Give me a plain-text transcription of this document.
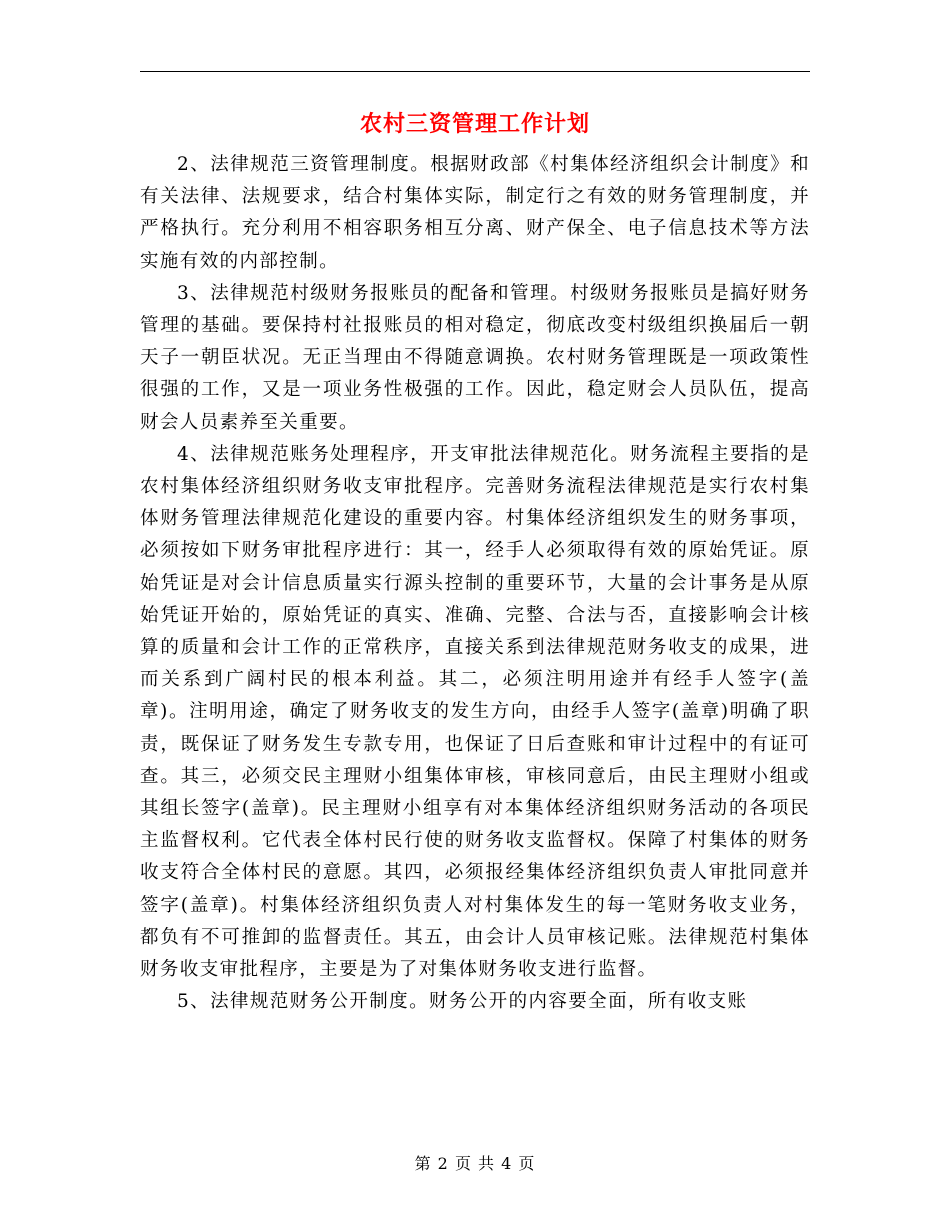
农村三资管理工作计划

2、法律规范三资管理制度。根据财政部《村集体经济组织会计制度》和有关法律、法规要求，结合村集体实际，制定行之有效的财务管理制度，并严格执行。充分利用不相容职务相互分离、财产保全、电子信息技术等方法实施有效的内部控制。

3、法律规范村级财务报账员的配备和管理。村级财务报账员是搞好财务管理的基础。要保持村社报账员的相对稳定，彻底改变村级组织换届后一朝天子一朝臣状况。无正当理由不得随意调换。农村财务管理既是一项政策性很强的工作，又是一项业务性极强的工作。因此，稳定财会人员队伍，提高财会人员素养至关重要。

4、法律规范账务处理程序，开支审批法律规范化。财务流程主要指的是农村集体经济组织财务收支审批程序。完善财务流程法律规范是实行农村集体财务管理法律规范化建设的重要内容。村集体经济组织发生的财务事项，必须按如下财务审批程序进行：其一，经手人必须取得有效的原始凭证。原始凭证是对会计信息质量实行源头控制的重要环节，大量的会计事务是从原始凭证开始的，原始凭证的真实、准确、完整、合法与否，直接影响会计核算的质量和会计工作的正常秩序，直接关系到法律规范财务收支的成果，进而关系到广阔村民的根本利益。其二，必须注明用途并有经手人签字(盖章)。注明用途，确定了财务收支的发生方向，由经手人签字(盖章)明确了职责，既保证了财务发生专款专用，也保证了日后查账和审计过程中的有证可查。其三，必须交民主理财小组集体审核，审核同意后，由民主理财小组或其组长签字(盖章)。民主理财小组享有对本集体经济组织财务活动的各项民主监督权利。它代表全体村民行使的财务收支监督权。保障了村集体的财务收支符合全体村民的意愿。其四，必须报经集体经济组织负责人审批同意并签字(盖章)。村集体经济组织负责人对村集体发生的每一笔财务收支业务，都负有不可推卸的监督责任。其五，由会计人员审核记账。法律规范村集体财务收支审批程序，主要是为了对集体财务收支进行监督。

5、法律规范财务公开制度。财务公开的内容要全面，所有收支账

第 2 页 共 4 页
